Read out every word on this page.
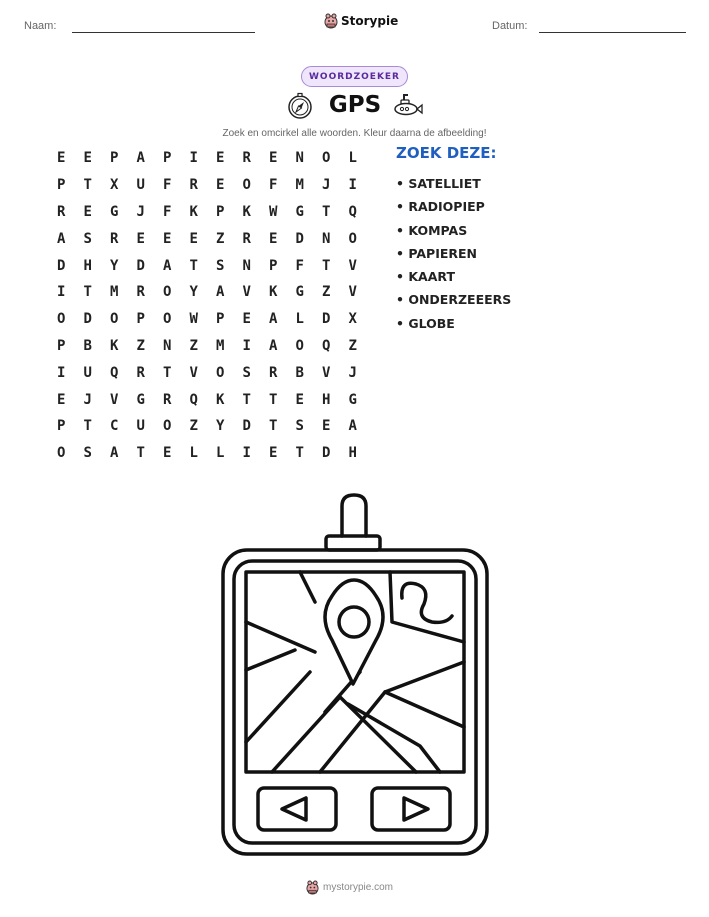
Naam:	Storypie	Datum:
WOORDZOEKER
GPS
Zoek en omcirkel alle woorden. Kleur daarna de afbeelding!
E	E	P	A	P	I	E	R	E	N	O	L
P	T	X	U	F	R	E	O	F	M	J	I
R	E	G	J	F	K	P	K	W	G	T	Q
A	S	R	E	E	E	Z	R	E	D	N	O
D	H	Y	D	A	T	S	N	P	F	T	V
I	T	M	R	O	Y	A	V	K	G	Z	V
O	D	O	P	O	W	P	E	A	L	D	X
P	B	K	Z	N	Z	M	I	A	O	Q	Z
I	U	Q	R	T	V	O	S	R	B	V	J
E	J	V	G	R	Q	K	T	T	E	H	G
P	T	C	U	O	Z	Y	D	T	S	E	A
O	S	A	T	E	L	L	I	E	T	D	H
ZOEK DEZE:
• SATELLIET
• RADIOPIEP
• KOMPAS
• PAPIEREN
• KAART
• ONDERZEEERS
• GLOBE
mystorypie.com
